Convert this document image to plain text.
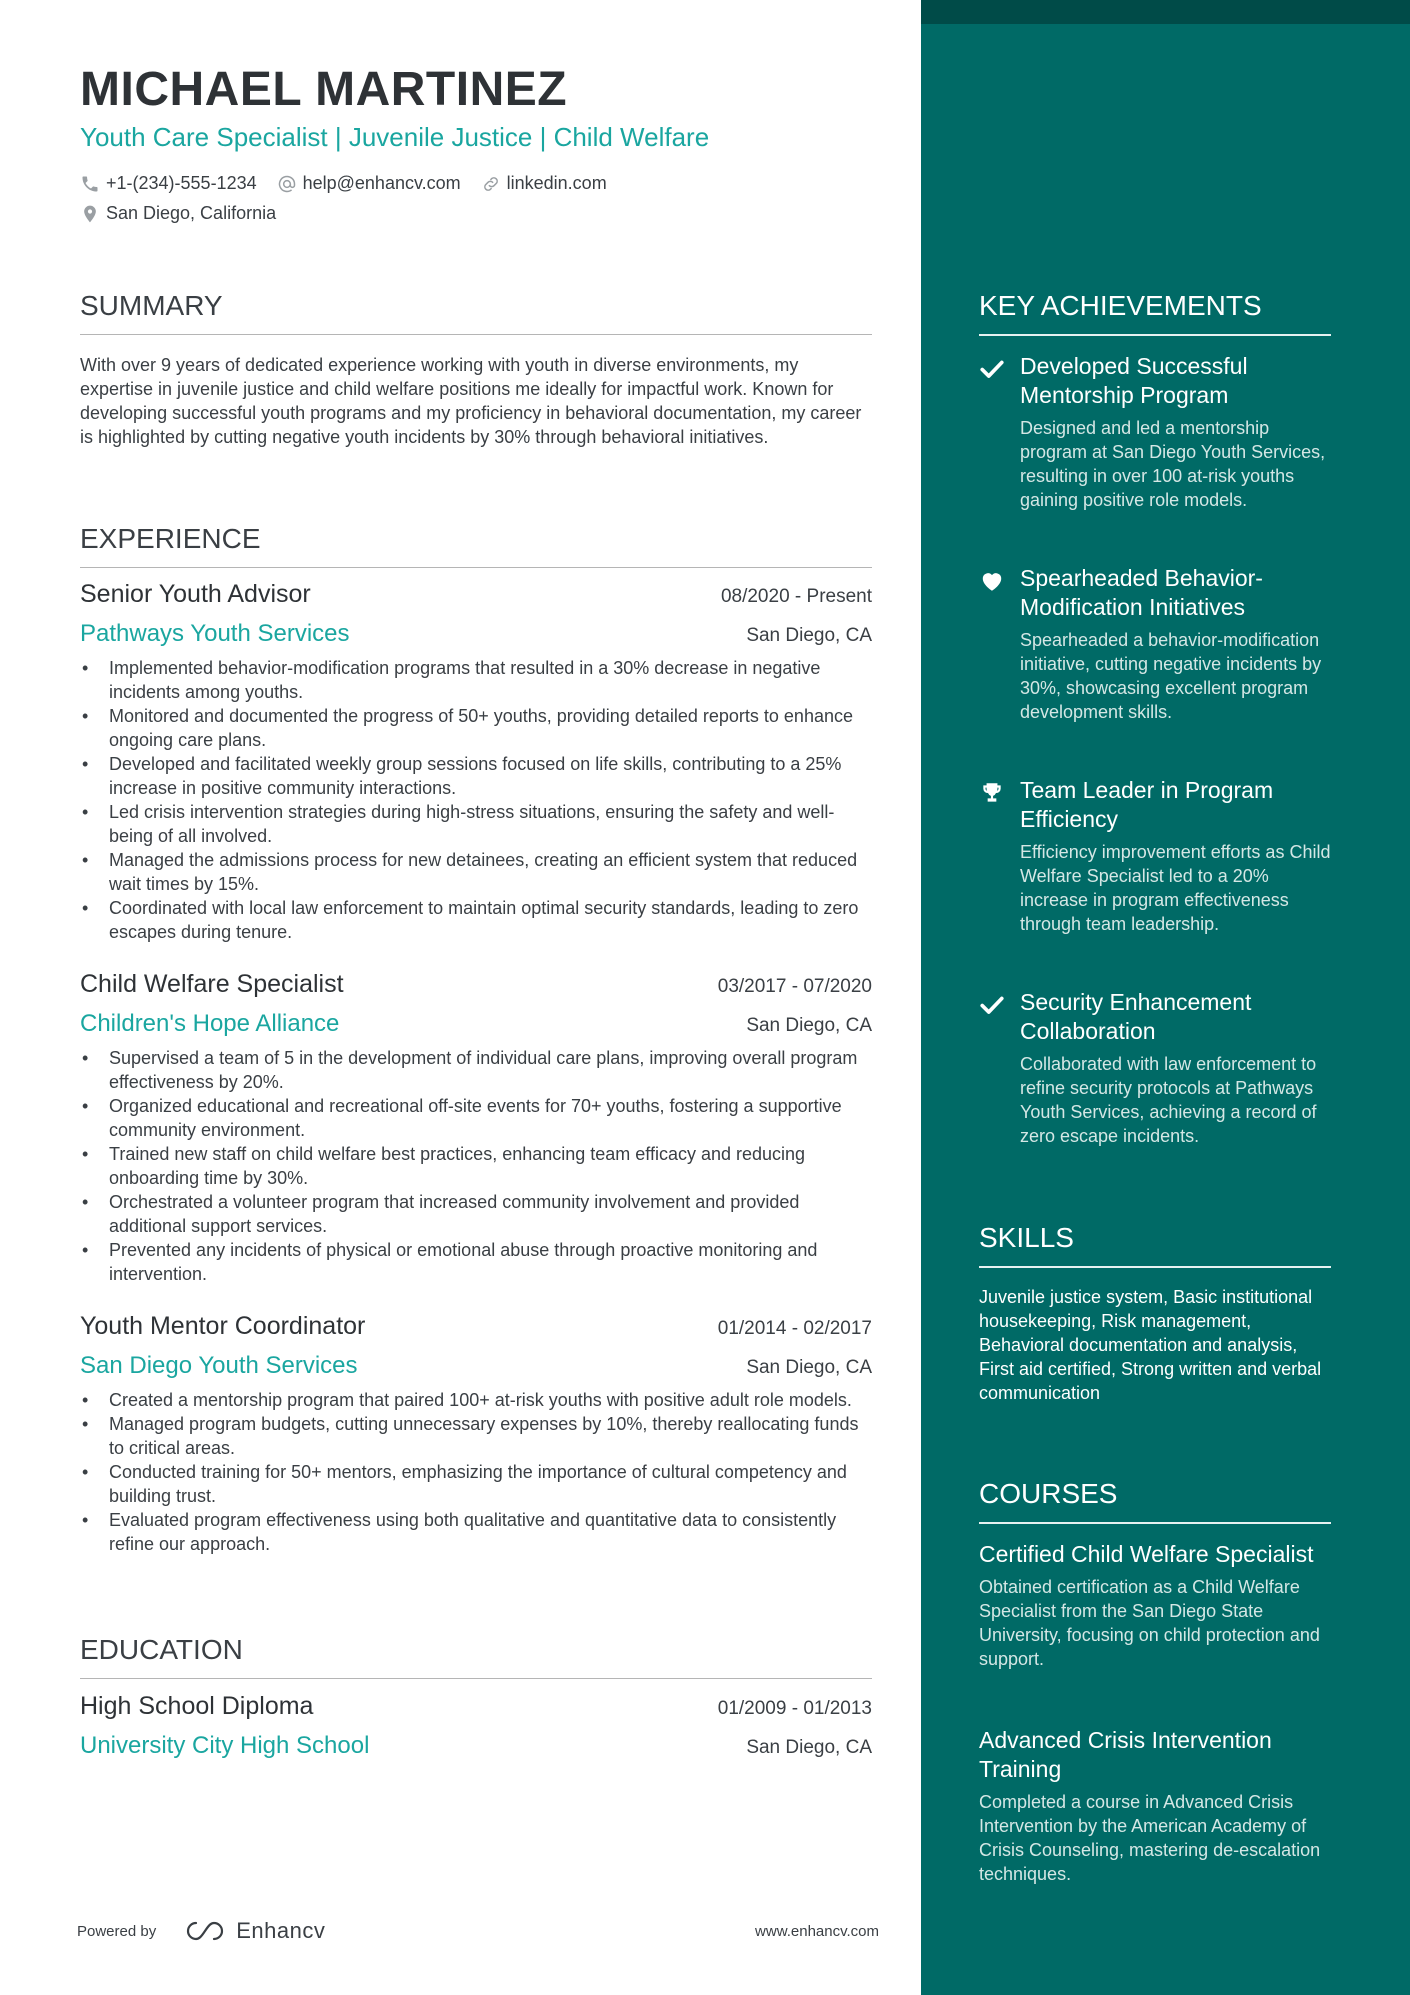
MICHAEL MARTINEZ
Youth Care Specialist | Juvenile Justice | Child Welfare
+1-(234)-555-1234	help@enhancv.com	linkedin.com
San Diego, California
SUMMARY
With over 9 years of dedicated experience working with youth in diverse environments, my expertise in juvenile justice and child welfare positions me ideally for impactful work. Known for developing successful youth programs and my proficiency in behavioral documentation, my career is highlighted by cutting negative youth incidents by 30% through behavioral initiatives.
EXPERIENCE
Senior Youth Advisor	08/2020 - Present
Pathways Youth Services	San Diego, CA
• Implemented behavior-modification programs that resulted in a 30% decrease in negative incidents among youths.
• Monitored and documented the progress of 50+ youths, providing detailed reports to enhance ongoing care plans.
• Developed and facilitated weekly group sessions focused on life skills, contributing to a 25% increase in positive community interactions.
• Led crisis intervention strategies during high-stress situations, ensuring the safety and well-being of all involved.
• Managed the admissions process for new detainees, creating an efficient system that reduced wait times by 15%.
• Coordinated with local law enforcement to maintain optimal security standards, leading to zero escapes during tenure.
Child Welfare Specialist	03/2017 - 07/2020
Children's Hope Alliance	San Diego, CA
• Supervised a team of 5 in the development of individual care plans, improving overall program effectiveness by 20%.
• Organized educational and recreational off-site events for 70+ youths, fostering a supportive community environment.
• Trained new staff on child welfare best practices, enhancing team efficacy and reducing onboarding time by 30%.
• Orchestrated a volunteer program that increased community involvement and provided additional support services.
• Prevented any incidents of physical or emotional abuse through proactive monitoring and intervention.
Youth Mentor Coordinator	01/2014 - 02/2017
San Diego Youth Services	San Diego, CA
• Created a mentorship program that paired 100+ at-risk youths with positive adult role models.
• Managed program budgets, cutting unnecessary expenses by 10%, thereby reallocating funds to critical areas.
• Conducted training for 50+ mentors, emphasizing the importance of cultural competency and building trust.
• Evaluated program effectiveness using both qualitative and quantitative data to consistently refine our approach.
EDUCATION
High School Diploma	01/2009 - 01/2013
University City High School	San Diego, CA
Powered by	Enhancv	www.enhancv.com
KEY ACHIEVEMENTS
Developed Successful Mentorship Program
Designed and led a mentorship program at San Diego Youth Services, resulting in over 100 at-risk youths gaining positive role models.
Spearheaded Behavior-Modification Initiatives
Spearheaded a behavior-modification initiative, cutting negative incidents by 30%, showcasing excellent program development skills.
Team Leader in Program Efficiency
Efficiency improvement efforts as Child Welfare Specialist led to a 20% increase in program effectiveness through team leadership.
Security Enhancement Collaboration
Collaborated with law enforcement to refine security protocols at Pathways Youth Services, achieving a record of zero escape incidents.
SKILLS
Juvenile justice system, Basic institutional housekeeping, Risk management, Behavioral documentation and analysis, First aid certified, Strong written and verbal communication
COURSES
Certified Child Welfare Specialist
Obtained certification as a Child Welfare Specialist from the San Diego State University, focusing on child protection and support.
Advanced Crisis Intervention Training
Completed a course in Advanced Crisis Intervention by the American Academy of Crisis Counseling, mastering de-escalation techniques.
